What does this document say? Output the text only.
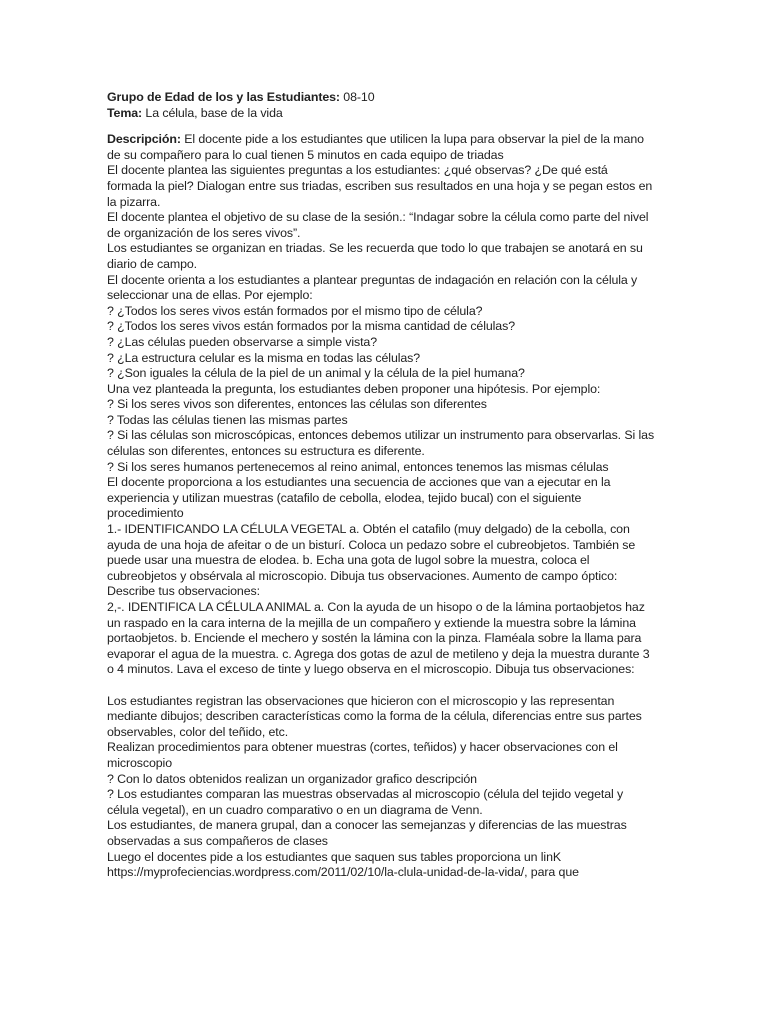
Grupo de Edad de los y las Estudiantes: 08-10
Tema: La célula, base de la vida
Descripción: El docente pide a los estudiantes que utilicen la lupa para observar la piel de la mano de su compañero para lo cual tienen 5 minutos en cada equipo de triadas
El docente plantea las siguientes preguntas a los estudiantes: ¿qué observas? ¿De qué está formada la piel? Dialogan entre sus triadas, escriben sus resultados en una hoja y se pegan estos en la pizarra.
El docente plantea el objetivo de su clase de la sesión.: “Indagar sobre la célula como parte del nivel de organización de los seres vivos”.
Los estudiantes se organizan en triadas. Se les recuerda que todo lo que trabajen se anotará en su diario de campo.
El docente orienta a los estudiantes a plantear preguntas de indagación en relación con la célula y seleccionar una de ellas. Por ejemplo:
? ¿Todos los seres vivos están formados por el mismo tipo de célula?
? ¿Todos los seres vivos están formados por la misma cantidad de células?
? ¿Las células pueden observarse a simple vista?
? ¿La estructura celular es la misma en todas las células?
? ¿Son iguales la célula de la piel de un animal y la célula de la piel humana?
Una vez planteada la pregunta, los estudiantes deben proponer una hipótesis. Por ejemplo:
? Si los seres vivos son diferentes, entonces las células son diferentes
? Todas las células tienen las mismas partes
? Si las células son microscópicas, entonces debemos utilizar un instrumento para observarlas. Si las células son diferentes, entonces su estructura es diferente.
? Si los seres humanos pertenecemos al reino animal, entonces tenemos las mismas células
El docente proporciona a los estudiantes una secuencia de acciones que van a ejecutar en la experiencia y utilizan muestras (catafilo de cebolla, elodea, tejido bucal) con el siguiente procedimiento
1.- IDENTIFICANDO LA CÉLULA VEGETAL a. Obtén el catafilo (muy delgado) de la cebolla, con ayuda de una hoja de afeitar o de un bisturí. Coloca un pedazo sobre el cubreobjetos. También se puede usar una muestra de elodea. b. Echa una gota de lugol sobre la muestra, coloca el cubreobjetos y obsérvala al microscopio. Dibuja tus observaciones. Aumento de campo óptico: Describe tus observaciones:
2,-. IDENTIFICA LA CÉLULA ANIMAL a. Con la ayuda de un hisopo o de la lámina portaobjetos haz un raspado en la cara interna de la mejilla de un compañero y extiende la muestra sobre la lámina portaobjetos. b. Enciende el mechero y sostén la lámina con la pinza. Flaméala sobre la llama para evaporar el agua de la muestra. c. Agrega dos gotas de azul de metileno y deja la muestra durante 3 o 4 minutos. Lava el exceso de tinte y luego observa en el microscopio. Dibuja tus observaciones:
Los estudiantes registran las observaciones que hicieron con el microscopio y las representan mediante dibujos; describen características como la forma de la célula, diferencias entre sus partes observables, color del teñido, etc.
Realizan procedimientos para obtener muestras (cortes, teñidos) y hacer observaciones con el microscopio
? Con lo datos obtenidos realizan un organizador grafico descripción
? Los estudiantes comparan las muestras observadas al microscopio (célula del tejido vegetal y célula vegetal), en un cuadro comparativo o en un diagrama de Venn.
Los estudiantes, de manera grupal, dan a conocer las semejanzas y diferencias de las muestras observadas a sus compañeros de clases
Luego el docentes pide a los estudiantes que saquen sus tables proporciona un linK https://myprofeciencias.wordpress.com/2011/02/10/la-clula-unidad-de-la-vida/, para que
